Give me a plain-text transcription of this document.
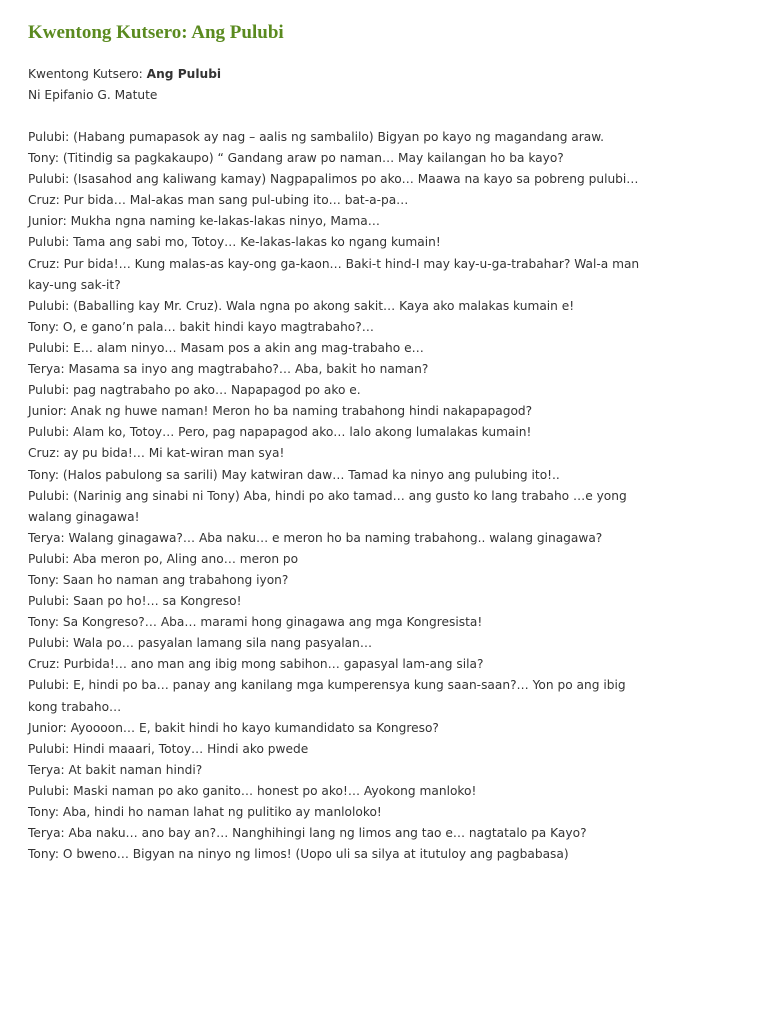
Kwentong Kutsero: Ang Pulubi
Kwentong Kutsero: Ang Pulubi
Ni Epifanio G. Matute
Pulubi: (Habang pumapasok ay nag – aalis ng sambalilo) Bigyan po kayo ng magandang araw.
Tony: (Titindig sa pagkakaupo) “ Gandang araw po naman… May kailangan ho ba kayo?
Pulubi: (Isasahod ang kaliwang kamay) Nagpapalimos po ako… Maawa na kayo sa pobreng pulubi…
Cruz: Pur bida… Mal-akas man sang pul-ubing ito… bat-a-pa…
Junior: Mukha ngna naming ke-lakas-lakas ninyo, Mama…
Pulubi: Tama ang sabi mo, Totoy… Ke-lakas-lakas ko ngang kumain!
Cruz: Pur bida!… Kung malas-as kay-ong ga-kaon… Baki-t hind-I may kay-u-ga-trabahar? Wal-a man kay-ung sak-it?
Pulubi: (Baballing kay Mr. Cruz). Wala ngna po akong sakit… Kaya ako malakas kumain e!
Tony: O, e gano’n pala… bakit hindi kayo magtrabaho?…
Pulubi: E… alam ninyo… Masam pos a akin ang mag-trabaho e…
Terya: Masama sa inyo ang magtrabaho?… Aba, bakit ho naman?
Pulubi: pag nagtrabaho po ako… Napapagod po ako e.
Junior: Anak ng huwe naman! Meron ho ba naming trabahong hindi nakapapagod?
Pulubi: Alam ko, Totoy… Pero, pag napapagod ako… lalo akong lumalakas kumain!
Cruz: ay pu bida!… Mi kat-wiran man sya!
Tony: (Halos pabulong sa sarili) May katwiran daw… Tamad ka ninyo ang pulubing ito!..
Pulubi: (Narinig ang sinabi ni Tony) Aba, hindi po ako tamad… ang gusto ko lang trabaho …e yong walang ginagawa!
Terya: Walang ginagawa?… Aba naku… e meron ho ba naming trabahong.. walang ginagawa?
Pulubi: Aba meron po, Aling ano… meron po
Tony: Saan ho naman ang trabahong iyon?
Pulubi: Saan po ho!… sa Kongreso!
Tony: Sa Kongreso?… Aba… marami hong ginagawa ang mga Kongresista!
Pulubi: Wala po… pasyalan lamang sila nang pasyalan…
Cruz: Purbida!… ano man ang ibig mong sabihon… gapasyal lam-ang sila?
Pulubi: E, hindi po ba… panay ang kanilang mga kumperensya kung saan-saan?… Yon po ang ibig kong trabaho…
Junior: Ayoooon… E, bakit hindi ho kayo kumandidato sa Kongreso?
Pulubi: Hindi maaari, Totoy… Hindi ako pwede
Terya: At bakit naman hindi?
Pulubi: Maski naman po ako ganito… honest po ako!… Ayokong manloko!
Tony: Aba, hindi ho naman lahat ng pulitiko ay manloloko!
Terya: Aba naku… ano bay an?… Nanghihingi lang ng limos ang tao e… nagtatalo pa Kayo?
Tony: O bweno… Bigyan na ninyo ng limos! (Uopo uli sa silya at itutuloy ang pagbabasa)
